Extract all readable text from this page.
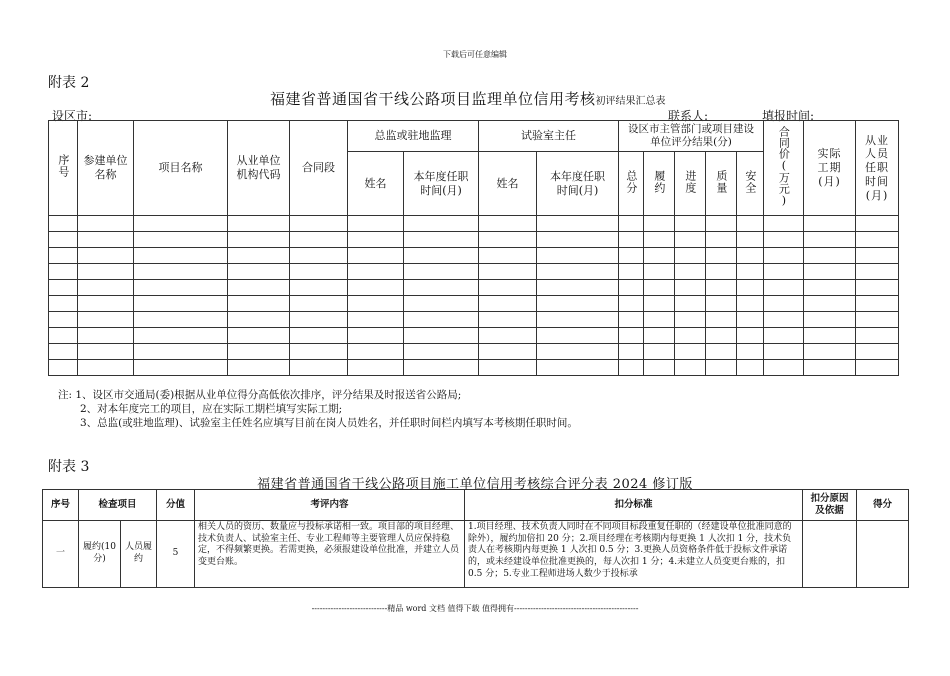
下载后可任意编辑
附表 2
福建省普通国省干线公路项目监理单位信用考核初评结果汇总表
设区市:	联系人:	填报时间:
序号	参建单位名称	项目名称	从业单位机构代码	合同段	总监或驻地监理		试验室主任		设区市主管部门或项目建设单位评分结果(分)					合同价(万元)	实际工期(月)	从业人员任职时间(月)
					姓名	本年度任职时间(月)	姓名	本年度任职时间(月)	总分	履约	进度	质量	安全			

注: 1、设区市交通局(委)根据从业单位得分高低依次排序，评分结果及时报送省公路局;
2、对本年度完工的项目，应在实际工期栏填写实际工期;
3、总监(或驻地监理)、试验室主任姓名应填写目前在岗人员姓名，并任职时间栏内填写本考核期任职时间。
附表 3
福建省普通国省干线公路项目施工单位信用考核综合评分表 2024 修订版
序号	检查项目		分值	考评内容	扣分标准	扣分原因及依据	得分
一	履约(10分)	人员履约	5	相关人员的资历、数量应与投标承诺相一致。项目部的项目经理、技术负责人、试验室主任、专业工程师等主要管理人员应保持稳定，不得频繁更换。若需更换，必须报建设单位批准，并建立人员变更台账。	1.项目经理、技术负责人同时在不同项目标段重复任职的（经建设单位批准同意的除外），履约加倍扣 20 分；2.项目经理在考核期内每更换 1 人次扣 1 分，技术负责人在考核期内每更换 1 人次扣 0.5 分；3.更换人员资格条件低于投标文件承诺的，或未经建设单位批准更换的，每人次扣 1 分；4.未建立人员变更台账的，扣 0.5 分；5.专业工程师进场人数少于投标承		
----------------------------精品 word 文档 值得下载 值得拥有----------------------------------------------
